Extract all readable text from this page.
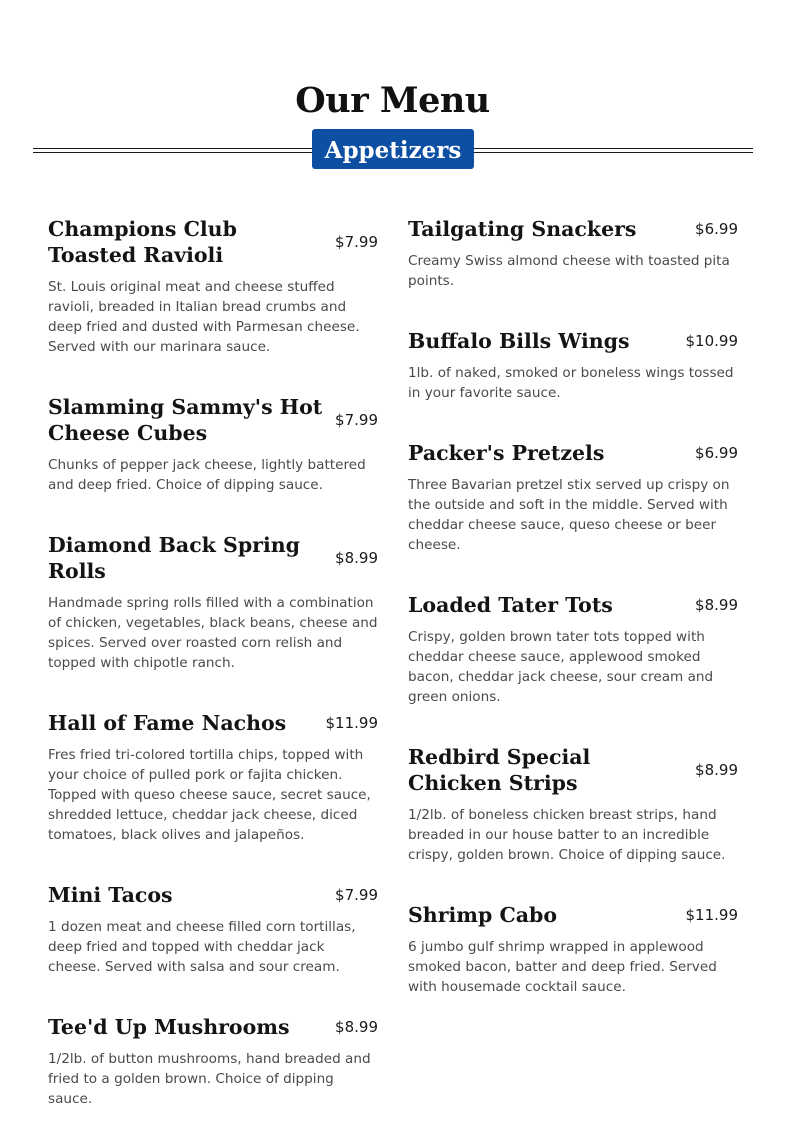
Our Menu
Appetizers
Champions Club Toasted Ravioli
$7.99
St. Louis original meat and cheese stuffed ravioli, breaded in Italian bread crumbs and deep fried and dusted with Parmesan cheese. Served with our marinara sauce.
Slamming Sammy's Hot Cheese Cubes
$7.99
Chunks of pepper jack cheese, lightly battered and deep fried. Choice of dipping sauce.
Diamond Back Spring Rolls
$8.99
Handmade spring rolls filled with a combination of chicken, vegetables, black beans, cheese and spices. Served over roasted corn relish and topped with chipotle ranch.
Hall of Fame Nachos	$11.99
Fres fried tri-colored tortilla chips, topped with your choice of pulled pork or fajita chicken. Topped with queso cheese sauce, secret sauce, shredded lettuce, cheddar jack cheese, diced tomatoes, black olives and jalapeños.
Mini Tacos	$7.99
1 dozen meat and cheese filled corn tortillas, deep fried and topped with cheddar jack cheese. Served with salsa and sour cream.
Tee'd Up Mushrooms	$8.99
1/2lb. of button mushrooms, hand breaded and fried to a golden brown. Choice of dipping sauce.
Tailgating Snackers	$6.99
Creamy Swiss almond cheese with toasted pita points.
Buffalo Bills Wings	$10.99
1lb. of naked, smoked or boneless wings tossed in your favorite sauce.
Packer's Pretzels	$6.99
Three Bavarian pretzel stix served up crispy on the outside and soft in the middle. Served with cheddar cheese sauce, queso cheese or beer cheese.
Loaded Tater Tots	$8.99
Crispy, golden brown tater tots topped with cheddar cheese sauce, applewood smoked bacon, cheddar jack cheese, sour cream and green onions.
Redbird Special Chicken Strips
$8.99
1/2lb. of boneless chicken breast strips, hand breaded in our house batter to an incredible crispy, golden brown. Choice of dipping sauce.
Shrimp Cabo	$11.99
6 jumbo gulf shrimp wrapped in applewood smoked bacon, batter and deep fried. Served with housemade cocktail sauce.
